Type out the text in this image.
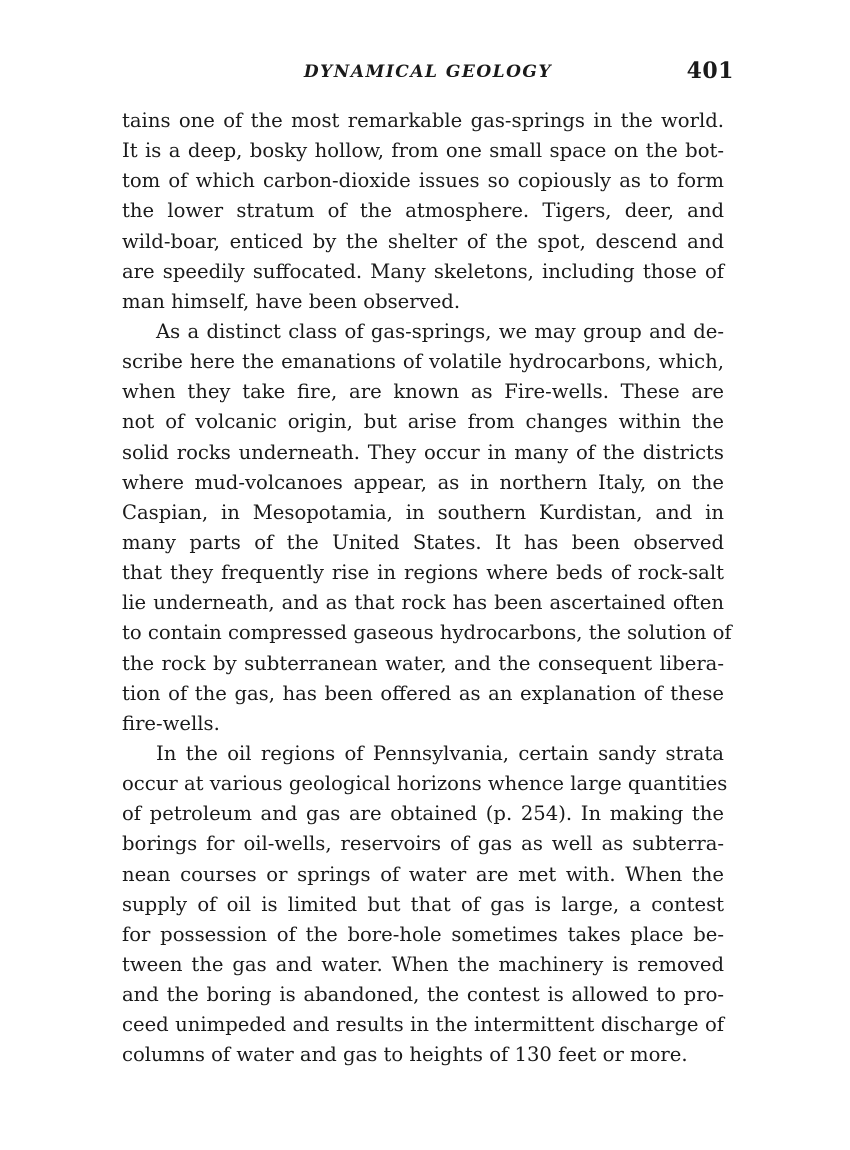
DYNAMICAL GEOLOGY	401
tains one of the most remarkable gas-springs in the world.
It is a deep, bosky hollow, from one small space on the bot-
tom of which carbon-dioxide issues so copiously as to form
the lower stratum of the atmosphere. Tigers, deer, and
wild-boar, enticed by the shelter of the spot, descend and
are speedily suffocated. Many skeletons, including those of
man himself, have been observed.
As a distinct class of gas-springs, we may group and de-
scribe here the emanations of volatile hydrocarbons, which,
when they take fire, are known as Fire-wells. These are
not of volcanic origin, but arise from changes within the
solid rocks underneath. They occur in many of the districts
where mud-volcanoes appear, as in northern Italy, on the
Caspian, in Mesopotamia, in southern Kurdistan, and in
many parts of the United States. It has been observed
that they frequently rise in regions where beds of rock-salt
lie underneath, and as that rock has been ascertained often
to contain compressed gaseous hydrocarbons, the solution of
the rock by subterranean water, and the consequent libera-
tion of the gas, has been offered as an explanation of these
fire-wells.
In the oil regions of Pennsylvania, certain sandy strata
occur at various geological horizons whence large quantities
of petroleum and gas are obtained (p. 254). In making the
borings for oil-wells, reservoirs of gas as well as subterra-
nean courses or springs of water are met with. When the
supply of oil is limited but that of gas is large, a contest
for possession of the bore-hole sometimes takes place be-
tween the gas and water. When the machinery is removed
and the boring is abandoned, the contest is allowed to pro-
ceed unimpeded and results in the intermittent discharge of
columns of water and gas to heights of 130 feet or more.
